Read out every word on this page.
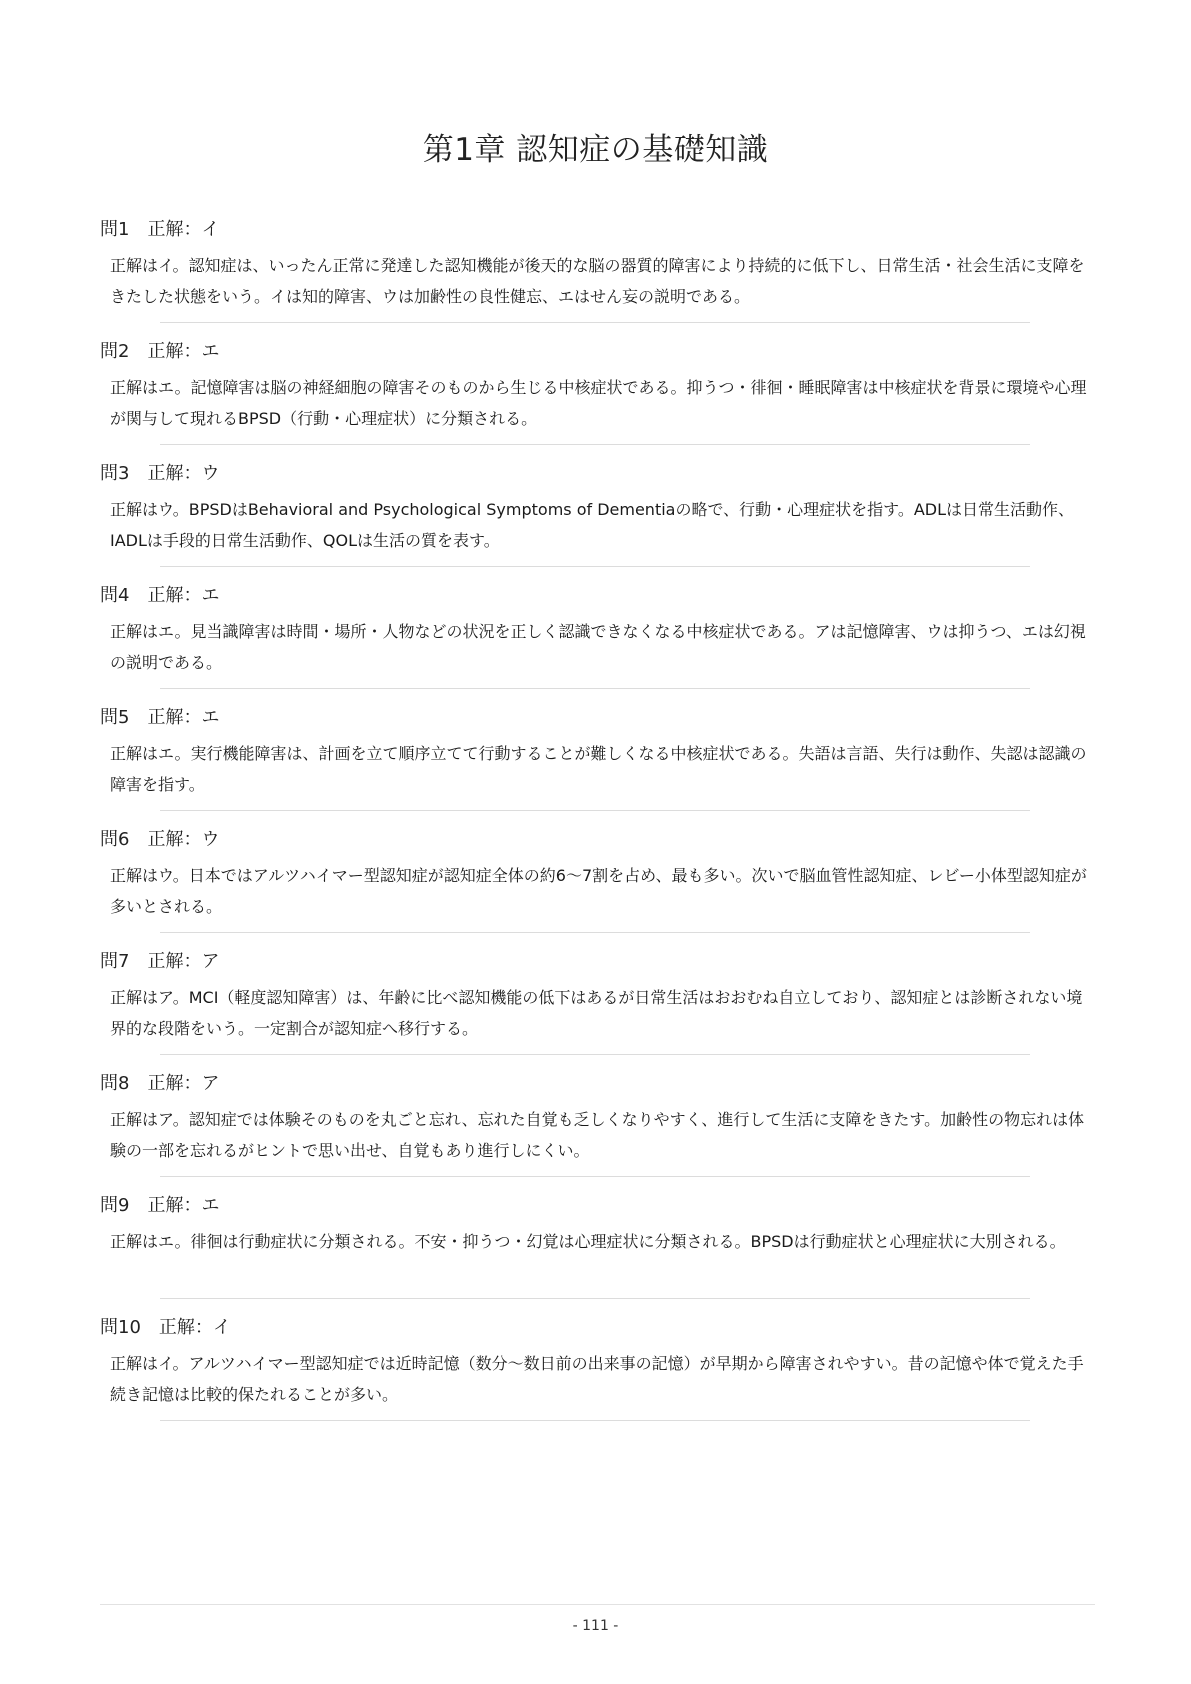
第1章 認知症の基礎知識
問1 正解：イ
正解はイ。認知症は、いったん正常に発達した認知機能が後天的な脳の器質的障害により持続的に低下し、日常生活・社会生活に支障をきたした状態をいう。イは知的障害、ウは加齢性の良性健忘、エはせん妄の説明である。
問2 正解：エ
正解はエ。記憶障害は脳の神経細胞の障害そのものから生じる中核症状である。抑うつ・徘徊・睡眠障害は中核症状を背景に環境や心理が関与して現れるBPSD（行動・心理症状）に分類される。
問3 正解：ウ
正解はウ。BPSDはBehavioral and Psychological Symptoms of Dementiaの略で、行動・心理症状を指す。ADLは日常生活動作、IADLは手段的日常生活動作、QOLは生活の質を表す。
問4 正解：エ
正解はエ。見当識障害は時間・場所・人物などの状況を正しく認識できなくなる中核症状である。アは記憶障害、ウは抑うつ、エは幻視の説明である。
問5 正解：エ
正解はエ。実行機能障害は、計画を立て順序立てて行動することが難しくなる中核症状である。失語は言語、失行は動作、失認は認識の障害を指す。
問6 正解：ウ
正解はウ。日本ではアルツハイマー型認知症が認知症全体の約6～7割を占め、最も多い。次いで脳血管性認知症、レビー小体型認知症が多いとされる。
問7 正解：ア
正解はア。MCI（軽度認知障害）は、年齢に比べ認知機能の低下はあるが日常生活はおおむね自立しており、認知症とは診断されない境界的な段階をいう。一定割合が認知症へ移行する。
問8 正解：ア
正解はア。認知症では体験そのものを丸ごと忘れ、忘れた自覚も乏しくなりやすく、進行して生活に支障をきたす。加齢性の物忘れは体験の一部を忘れるがヒントで思い出せ、自覚もあり進行しにくい。
問9 正解：エ
正解はエ。徘徊は行動症状に分類される。不安・抑うつ・幻覚は心理症状に分類される。BPSDは行動症状と心理症状に大別される。
問10 正解：イ
正解はイ。アルツハイマー型認知症では近時記憶（数分～数日前の出来事の記憶）が早期から障害されやすい。昔の記憶や体で覚えた手続き記憶は比較的保たれることが多い。
- 111 -
